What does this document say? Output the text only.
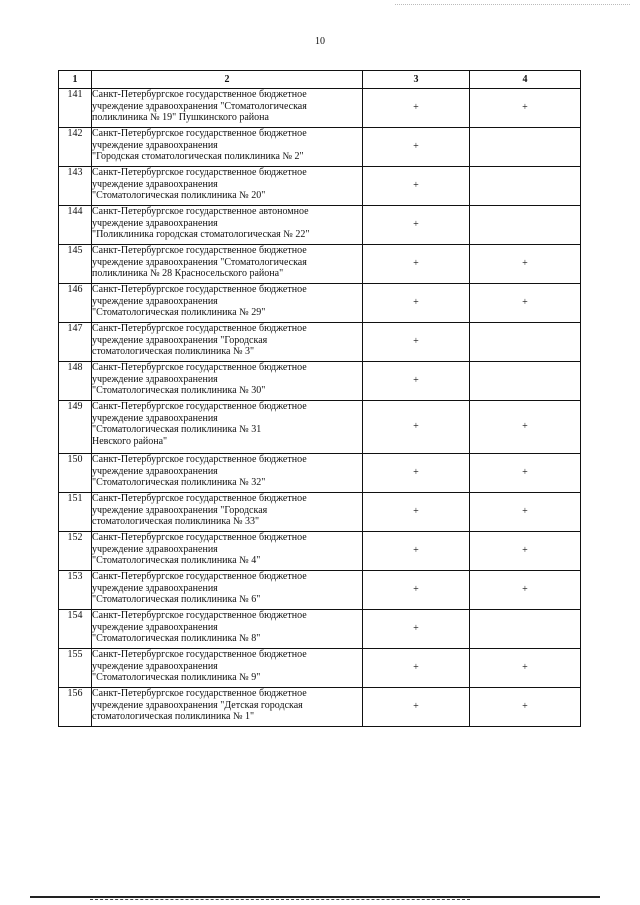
10
1	2	3	4
141	Санкт-Петербургское государственное бюджетное
учреждение здравоохранения "Стоматологическая
поликлиника № 19" Пушкинского района	+	+
142	Санкт-Петербургское государственное бюджетное
учреждение здравоохранения
"Городская стоматологическая поликлиника № 2"	+	
143	Санкт-Петербургское государственное бюджетное
учреждение здравоохранения
"Стоматологическая поликлиника № 20"	+	
144	Санкт-Петербургское государственное автономное
учреждение здравоохранения
"Поликлиника городская стоматологическая № 22"	+	
145	Санкт-Петербургское государственное бюджетное
учреждение здравоохранения "Стоматологическая
поликлиника № 28 Красносельского района"	+	+
146	Санкт-Петербургское государственное бюджетное
учреждение здравоохранения
"Стоматологическая поликлиника № 29"	+	+
147	Санкт-Петербургское государственное бюджетное
учреждение здравоохранения "Городская
стоматологическая поликлиника № 3"	+	
148	Санкт-Петербургское государственное бюджетное
учреждение здравоохранения
"Стоматологическая поликлиника № 30"	+	
149	Санкт-Петербургское государственное бюджетное
учреждение здравоохранения
"Стоматологическая поликлиника № 31
Невского района"	+	+
150	Санкт-Петербургское государственное бюджетное
учреждение здравоохранения
"Стоматологическая поликлиника № 32"	+	+
151	Санкт-Петербургское государственное бюджетное
учреждение здравоохранения "Городская
стоматологическая поликлиника № 33"	+	+
152	Санкт-Петербургское государственное бюджетное
учреждение здравоохранения
"Стоматологическая поликлиника № 4"	+	+
153	Санкт-Петербургское государственное бюджетное
учреждение здравоохранения
"Стоматологическая поликлиника № 6"	+	+
154	Санкт-Петербургское государственное бюджетное
учреждение здравоохранения
"Стоматологическая поликлиника № 8"	+	
155	Санкт-Петербургское государственное бюджетное
учреждение здравоохранения
"Стоматологическая поликлиника № 9"	+	+
156	Санкт-Петербургское государственное бюджетное
учреждение здравоохранения "Детская городская
стоматологическая поликлиника № 1"	+	+
